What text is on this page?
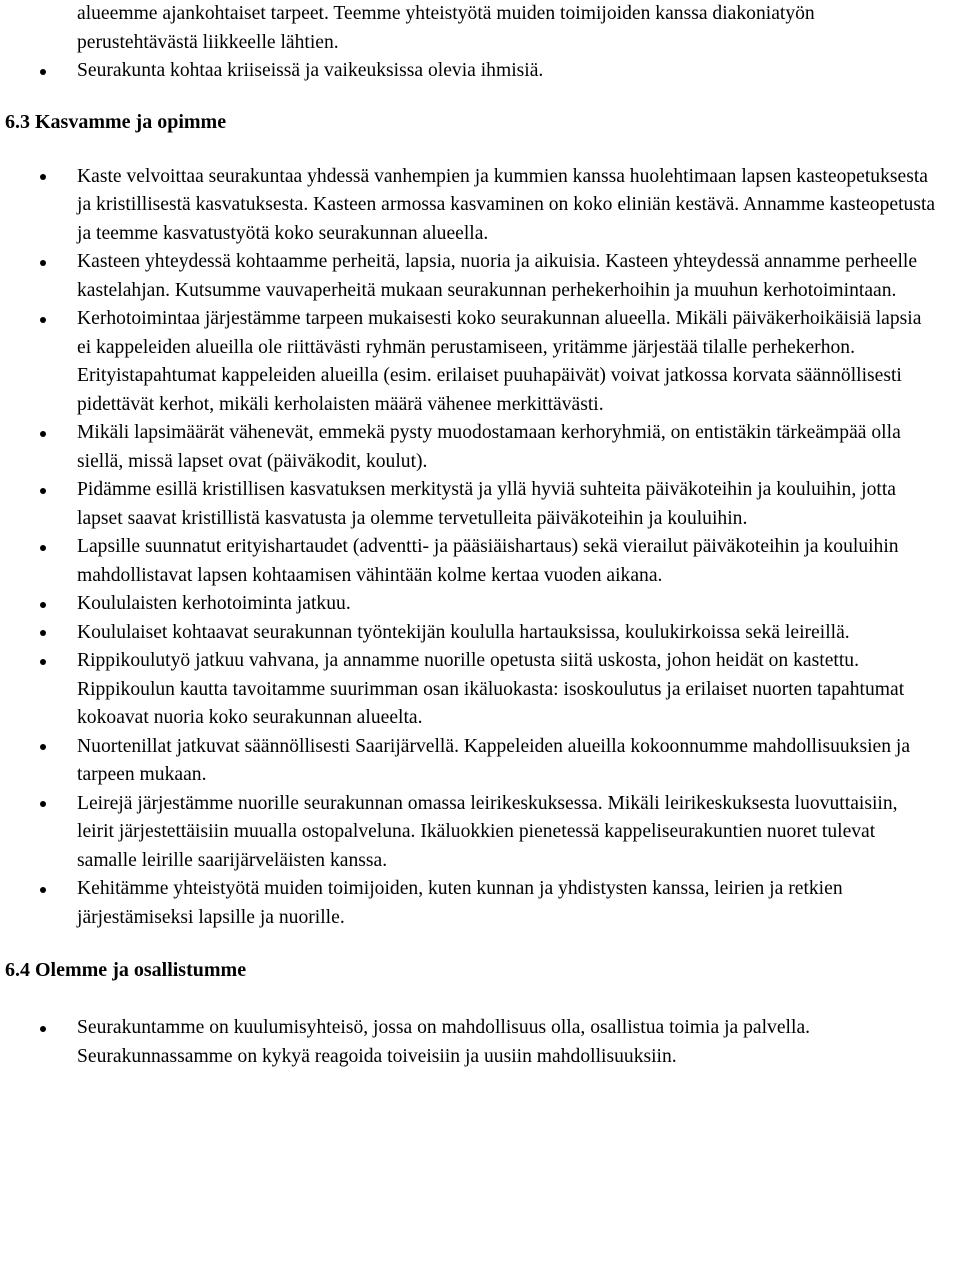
alueemme ajankohtaiset tarpeet. Teemme yhteistyötä muiden toimijoiden kanssa diakoniatyön perustehtävästä liikkeelle lähtien.
Seurakunta kohtaa kriiseissä ja vaikeuksissa olevia ihmisiä.
6.3 Kasvamme ja opimme
Kaste velvoittaa seurakuntaa yhdessä vanhempien ja kummien kanssa huolehtimaan lapsen kasteopetuksesta ja kristillisestä kasvatuksesta. Kasteen armossa kasvaminen on koko eliniän kestävä. Annamme kasteopetusta ja teemme kasvatustyötä koko seurakunnan alueella.
Kasteen yhteydessä kohtaamme perheitä, lapsia, nuoria ja aikuisia. Kasteen yhteydessä annamme perheelle kastelahjan. Kutsumme vauvaperheitä mukaan seurakunnan perhekerhoihin ja muuhun kerhotoimintaan.
Kerhotoimintaa järjestämme tarpeen mukaisesti koko seurakunnan alueella. Mikäli päiväkerhoikäisiä lapsia ei kappeleiden alueilla ole riittävästi ryhmän perustamiseen, yritämme järjestää tilalle perhekerhon. Erityistapahtumat kappeleiden alueilla (esim. erilaiset puuhapäivät) voivat jatkossa korvata säännöllisesti pidettävät kerhot, mikäli kerholaisten määrä vähenee merkittävästi.
Mikäli lapsimäärät vähenevät, emmekä pysty muodostamaan kerhoryhmiä, on entistäkin tärkeämpää olla siellä, missä lapset ovat (päiväkodit, koulut).
Pidämme esillä kristillisen kasvatuksen merkitystä ja yllä hyviä suhteita päiväkoteihin ja kouluihin, jotta lapset saavat kristillistä kasvatusta ja olemme tervetulleita päiväkoteihin ja kouluihin.
Lapsille suunnatut erityishartaudet (adventti- ja pääsiäishartaus) sekä vierailut päiväkoteihin ja kouluihin mahdollistavat lapsen kohtaamisen vähintään kolme kertaa vuoden aikana.
Koululaisten kerhotoiminta jatkuu.
Koululaiset kohtaavat seurakunnan työntekijän koululla hartauksissa, koulukirkoissa sekä leireillä.
Rippikoulutyö jatkuu vahvana, ja annamme nuorille opetusta siitä uskosta, johon heidät on kastettu. Rippikoulun kautta tavoitamme suurimman osan ikäluokasta: isoskoulutus ja erilaiset nuorten tapahtumat kokoavat nuoria koko seurakunnan alueelta.
Nuortenillat jatkuvat säännöllisesti Saarijärvellä. Kappeleiden alueilla kokoonnumme mahdollisuuksien ja tarpeen mukaan.
Leirejä järjestämme nuorille seurakunnan omassa leirikeskuksessa. Mikäli leirikeskuksesta luovuttaisiin, leirit järjestettäisiin muualla ostopalveluna. Ikäluokkien pienetessä kappeliseurakuntien nuoret tulevat samalle leirille saarijärveläisten kanssa.
Kehitämme yhteistyötä muiden toimijoiden, kuten kunnan ja yhdistysten kanssa, leirien ja retkien järjestämiseksi lapsille ja nuorille.
6.4 Olemme ja osallistumme
Seurakuntamme on kuulumisyhteisö, jossa on mahdollisuus olla, osallistua toimia ja palvella. Seurakunnassamme on kykyä reagoida toiveisiin ja uusiin mahdollisuuksiin.
